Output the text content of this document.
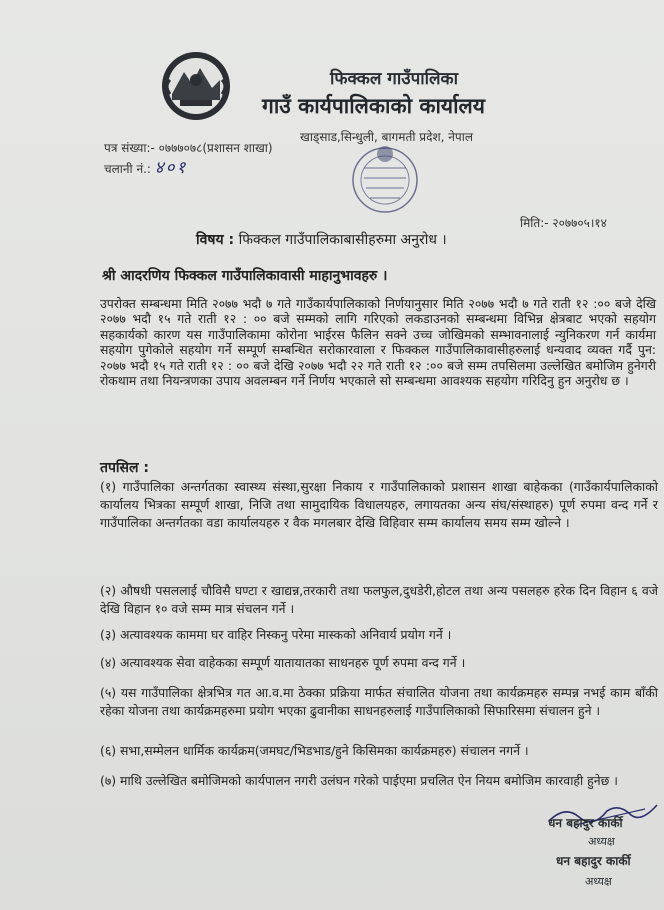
फिक्कल गाउँपालिका
गाउँ कार्यपालिकाको कार्यालय
खाड्साड,सिन्धुली, बागमती प्रदेश, नेपाल
पत्र संख्या:- ०७७७०७८(प्रशासन शाखा)
चलानी नं.: ४०१
मिति:- २०७७०५।१४
विषय : फिक्कल गाउँपालिकाबासीहरुमा अनुरोध ।
श्री आदरणिय फिक्कल गाउँपालिकावासी माहानुभावहरु ।
उपरोक्त सम्बन्धमा मिति २०७७ भदौ ७ गते गाउँकार्यपालिकाको निर्णयानुसार मिति २०७७ भदौ ७ गते राती १२ :०० बजे देखि २०७७ भदौ १५ गते राती १२ : ०० बजे सम्मको लागि गरिएको लकडाउनको सम्बन्धमा विभिन्न क्षेत्रबाट भएको सहयोग सहकार्यको कारण यस गाउँपालिकामा कोरोना भाईरस फैलिन सक्ने उच्च जोखिमको सम्भावनालाई न्युनिकरण गर्न कार्यमा सहयोग पुगेकोले सहयोग गर्ने सम्पूर्ण सम्बन्धित सरोकारवाला र फिक्कल गाउँपालिकावासीहरुलाई धन्यवाद व्यक्त गर्दै पुन: २०७७ भदौ १५ गते राती १२ : ०० बजे देखि २०७७ भदौ २२ गते राती १२ :०० बजे सम्म तपसिलमा उल्लेखित बमोजिम हुनेगरी रोकथाम तथा नियन्त्रणका उपाय अवलम्बन गर्ने निर्णय भएकाले सो सम्बन्धमा आवश्यक सहयोग गरिदिनु हुन अनुरोध छ ।
तपसिल :
(१) गाउँपालिका अन्तर्गतका स्वास्थ्य संस्था,सुरक्षा निकाय र गाउँपालिकाको प्रशासन शाखा बाहेकका (गाउँकार्यपालिकाको कार्यालय भित्रका सम्पूर्ण शाखा, निजि तथा सामुदायिक विधालयहरु, लगायतका अन्य संघ/संस्थाहरु) पूर्ण रुपमा वन्द गर्ने र गाउँपालिका अन्तर्गतका वडा कार्यालयहरु र वैक मगलबार देखि विहिवार सम्म कार्यालय समय सम्म खोल्ने ।
(२) औषधी पसललाई चौविसै घण्टा र खाद्यन्न,तरकारी तथा फलफुल,दुधडेरी,होटल तथा अन्य पसलहरु हरेक दिन विहान ६ वजे देखि विहान १० वजे सम्म मात्र संचलन गर्ने ।
(३) अत्यावश्यक काममा घर वाहिर निस्कनु परेमा मास्कको अनिवार्य प्रयोग गर्ने ।
(४) अत्यावश्यक सेवा वाहेकका सम्पूर्ण यातायातका साधनहरु पूर्ण रुपमा वन्द गर्ने ।
(५) यस गाउँपालिका क्षेत्रभित्र गत आ.व.मा ठेक्का प्रक्रिया मार्फत संचालित योजना तथा कार्यक्रमहरु सम्पन्न नभई काम बाँकी रहेका योजना तथा कार्यक्रमहरुमा प्रयोग भएका ढुवानीका साधनहरुलाई गाउँपालिकाको सिफारिसमा संचालन हुने ।
(६) सभा,सम्मेलन धार्मिक कार्यक्रम(जमघट/भिडभाड/हुने किसिमका कार्यक्रमहरु) संचालन नगर्ने ।
(७) माथि उल्लेखित बमोजिमको कार्यपालन नगरी उलंघन गरेको पाईएमा प्रचलित ऐन नियम बमोजिम कारवाही हुनेछ ।
धन बहादुर कार्की
अध्यक्ष
धन बहादुर कार्की
अध्यक्ष
